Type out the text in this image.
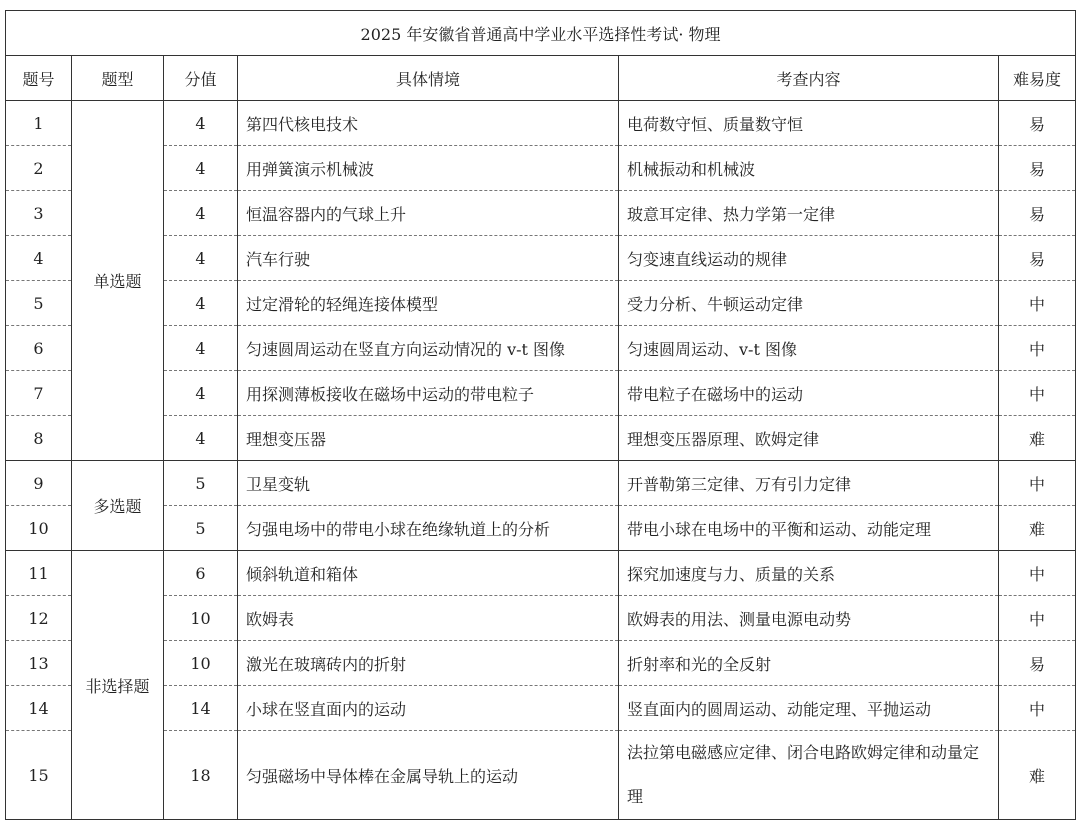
2025 年安徽省普通高中学业水平选择性考试· 物理					
题号	题型	分值	具体情境	考查内容	难易度
1	单选题	4	第四代核电技术	电荷数守恒、质量数守恒	易
2		4	用弹簧演示机械波	机械振动和机械波	易
3		4	恒温容器内的气球上升	玻意耳定律、热力学第一定律	易
4		4	汽车行驶	匀变速直线运动的规律	易
5		4	过定滑轮的轻绳连接体模型	受力分析、牛顿运动定律	中
6		4	匀速圆周运动在竖直方向运动情况的 v-t 图像	匀速圆周运动、v-t 图像	中
7		4	用探测薄板接收在磁场中运动的带电粒子	带电粒子在磁场中的运动	中
8		4	理想变压器	理想变压器原理、欧姆定律	难
9	多选题	5	卫星变轨	开普勒第三定律、万有引力定律	中
10		5	匀强电场中的带电小球在绝缘轨道上的分析	带电小球在电场中的平衡和运动、动能定理	难
11	非选择题	6	倾斜轨道和箱体	探究加速度与力、质量的关系	中
12		10	欧姆表	欧姆表的用法、测量电源电动势	中
13		10	激光在玻璃砖内的折射	折射率和光的全反射	易
14		14	小球在竖直面内的运动	竖直面内的圆周运动、动能定理、平抛运动	中
15		18	匀强磁场中导体棒在金属导轨上的运动	法拉第电磁感应定律、闭合电路欧姆定律和动量定理	难
